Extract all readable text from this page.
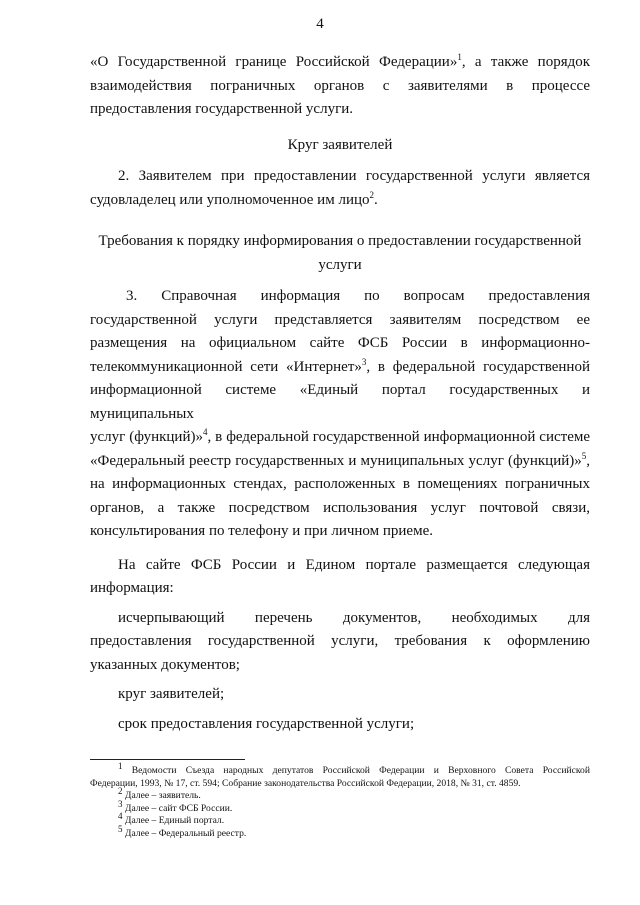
4

«О Государственной границе Российской Федерации»$^1$, а также порядок

взаимодействия пограничных органов с заявителями в процессе

предоставления государственной услуги.

Круг заявителей

2. Заявителем при предоставлении государственной услуги является

судовладелец или уполномоченное им лицо$^2$.

Требования к порядку информирования о предоставлении государственной

услуги

3. Справочная информация по вопросам предоставления

государственной услуги представляется заявителям посредством ее

размещения на официальном сайте ФСБ России в информационно-

телекоммуникационной сети «Интернет»$^3$, в федеральной государственной

информационной системе «Единый портал государственных и муниципальных

услуг (функций)»$^4$, в федеральной государственной информационной системе

«Федеральный реестр государственных и муниципальных услуг (функций)»$^5$,

на информационных стендах, расположенных в помещениях пограничных

органов, а также посредством использования услуг почтовой связи,

консультирования по телефону и при личном приеме.

На сайте ФСБ России и Едином портале размещается следующая

информация:

исчерпывающий перечень документов, необходимых для

предоставления государственной услуги, требования к оформлению

указанных документов;

круг заявителей;

срок предоставления государственной услуги;

$^1$ Ведомости Съезда народных депутатов Российской Федерации и Верховного Совета Российской

Федерации, 1993, № 17, ст. 594; Собрание законодательства Российской Федерации, 2018, № 31, ст. 4859.

$^2$ Далее – заявитель.

$^3$ Далее – сайт ФСБ России.

$^4$ Далее – Единый портал.

$^5$ Далее – Федеральный реестр.
